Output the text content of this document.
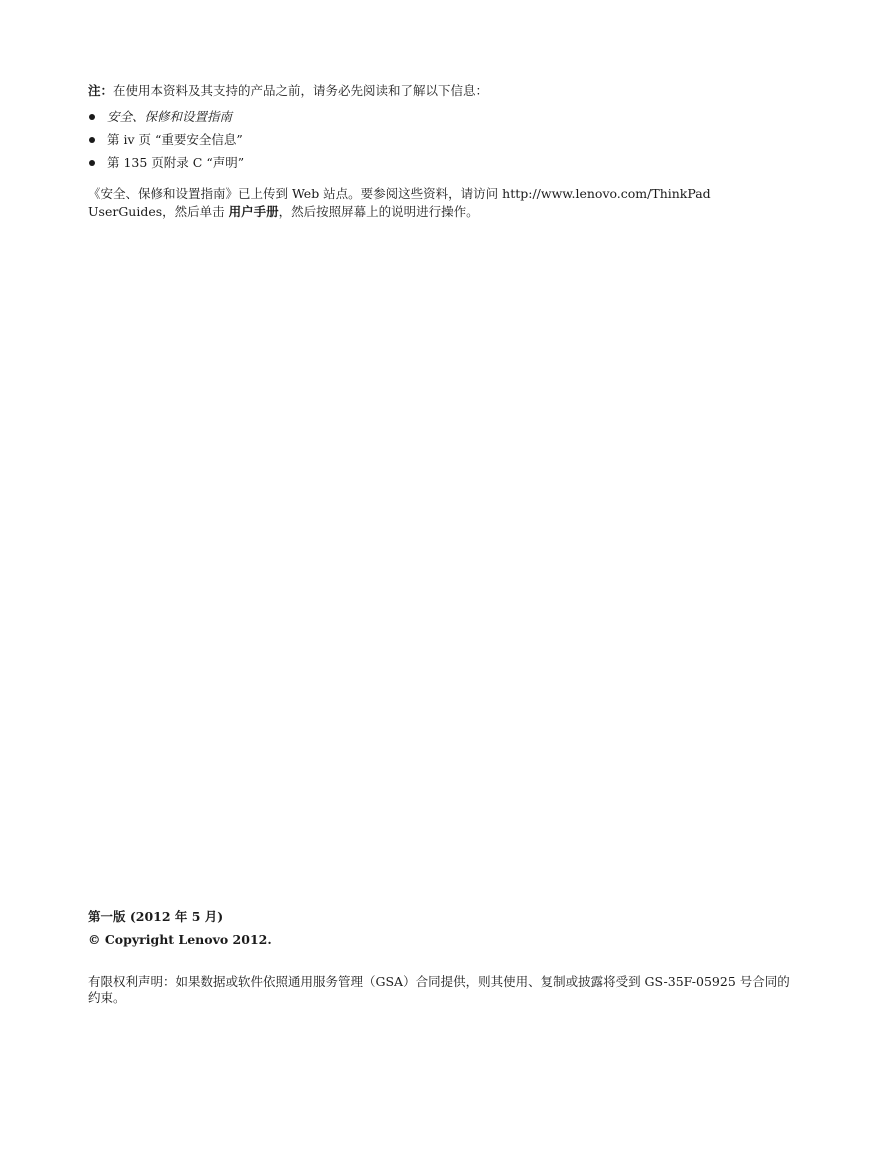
注：在使用本资料及其支持的产品之前，请务必先阅读和了解以下信息：

安全、保修和设置指南
第 iv 页 “重要安全信息”
第 135 页附录 C “声明”

《安全、保修和设置指南》已上传到 Web 站点。要参阅这些资料，请访问 http://www.lenovo.com/ThinkPad UserGuides，然后单击 用户手册，然后按照屏幕上的说明进行操作。

第一版 (2012 年 5 月)

© Copyright Lenovo 2012.

有限权利声明：如果数据或软件依照通用服务管理（GSA）合同提供，则其使用、复制或披露将受到 GS-35F-05925 号合同的约束。
